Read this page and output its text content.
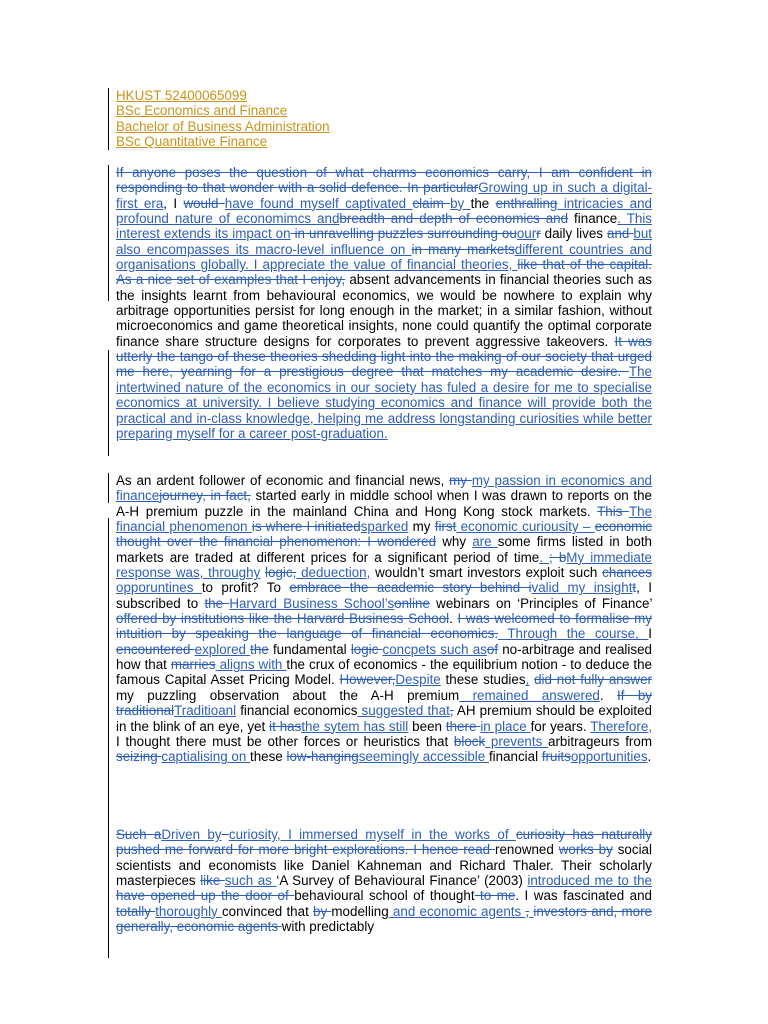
HKUST 52400065099
BSc Economics and Finance
Bachelor of Business Administration
BSc Quantitative Finance
If anyone poses the question of what charms economics carry, I am confident in responding to that wonder with a solid defence. In particularGrowing up in such a digital-first era, I would have found myself captivated claim by the enthralling intricacies and profound nature of economimcs andbreadth and depth of economics and finance. This interest extends its impact on in unravelling puzzles surrounding ouourr daily lives and but also encompasses its macro-level influence on in many marketsdifferent countries and organisations globally. I appreciate the value of financial theories, like that of the capital. As a nice set of examples that I enjoy, absent advancements in financial theories such as the insights learnt from behavioural economics, we would be nowhere to explain why arbitrage opportunities persist for long enough in the market; in a similar fashion, without microeconomics and game theoretical insights, none could quantify the optimal corporate finance share structure designs for corporates to prevent aggressive takeovers. It was utterly the tango of these theories shedding light into the making of our society that urged me here, yearning for a prestigious degree that matches my academic desire. The intertwined nature of the economics in our society has fuled a desire for me to specialise economics at university. I believe studying economics and finance will provide both the practical and in-class knowledge, helping me address longstanding curiosities while better preparing myself for a career post-graduation.
As an ardent follower of economic and financial news, my my passion in economics and financejourney, in fact, started early in middle school when I was drawn to reports on the A-H premium puzzle in the mainland China and Hong Kong stock markets. This The financial phenomenon is where I initiatedsparked my first economic curiousity – economic thought over the financial phenomenon: I wondered why are some firms listed in both markets are traded at different prices for a significant period of time. ; bMy immediate response was, throughy logic, deduection, wouldn’t smart investors exploit such chances opporuntines to profit? To embrace the academic story behind ivalid my insightt, I subscribed to the Harvard Business School’sonline webinars on ‘Principles of Finance’ offered by institutions like the Harvard Business School. I was welcomed to formalise my intuition by speaking the language of financial economics. Through the course, I encountered explored the fundamental logic concpets such asof no-arbitrage and realised how that marries aligns with the crux of economics - the equilibrium notion - to deduce the famous Capital Asset Pricing Model. However,Despite these studies, did not fully answer my puzzling observation about the A-H premium remained answered. If by traditionalTraditioanl financial economics suggested that, AH premium should be exploited in the blink of an eye, yet it hasthe sytem has still been there in place for years. Therefore, I thought there must be other forces or heuristics that block prevents arbitrageurs from seizing captialising on these low-hangingseemingly accessible financial fruitsopportunities.
Such aDriven by curiosity, I immersed myself in the works of curiosity has naturally pushed me forward for more bright explorations. I hence read renowned works by social scientists and economists like Daniel Kahneman and Richard Thaler. Their scholarly masterpieces like such as ‘A Survey of Behavioural Finance’ (2003) introduced me to the have opened up the door of behavioural school of thought to me. I was fascinated and totally thoroughly convinced that by modelling and economic agents , investors and, more generally, economic agents with predictably
